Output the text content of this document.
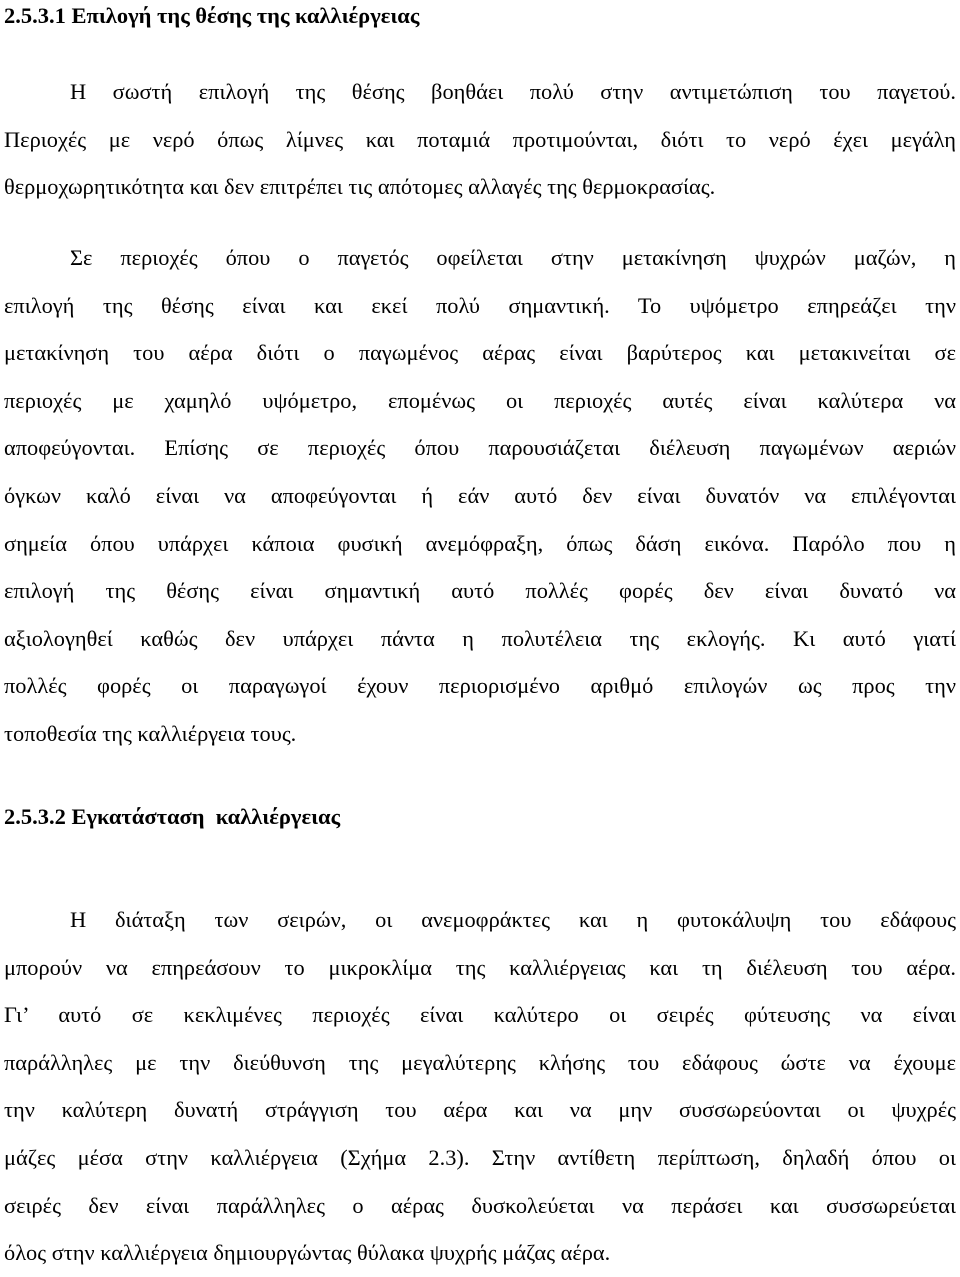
2.5.3.1 Επιλογή της θέσης της καλλιέργειας
Η σωστή επιλογή της θέσης βοηθάει πολύ στην αντιμετώπιση του παγετού.
Περιοχές με νερό όπως λίμνες και ποταμιά προτιμούνται, διότι το νερό έχει μεγάλη
θερμοχωρητικότητα και δεν επιτρέπει τις απότομες αλλαγές της θερμοκρασίας.
Σε περιοχές όπου ο παγετός οφείλεται στην μετακίνηση ψυχρών μαζών, η
επιλογή της θέσης είναι και εκεί πολύ σημαντική. Το υψόμετρο επηρεάζει την
μετακίνηση του αέρα διότι ο παγωμένος αέρας είναι βαρύτερος και μετακινείται σε
περιοχές με χαμηλό υψόμετρο, επομένως οι περιοχές αυτές είναι καλύτερα να
αποφεύγονται. Επίσης σε περιοχές όπου παρουσιάζεται διέλευση παγωμένων αεριών
όγκων καλό είναι να αποφεύγονται ή εάν αυτό δεν είναι δυνατόν να επιλέγονται
σημεία όπου υπάρχει κάποια φυσική ανεμόφραξη, όπως δάση εικόνα. Παρόλο που η
επιλογή της θέσης είναι σημαντική αυτό πολλές φορές δεν είναι δυνατό να
αξιολογηθεί καθώς δεν υπάρχει πάντα η πολυτέλεια της εκλογής. Κι αυτό γιατί
πολλές φορές οι παραγωγοί έχουν περιορισμένο αριθμό επιλογών ως προς την
τοποθεσία της καλλιέργεια τους.
2.5.3.2 Εγκατάσταση  καλλιέργειας
Η διάταξη των σειρών, οι ανεμοφράκτες και η φυτοκάλυψη του εδάφους
μπορούν να επηρεάσουν το μικροκλίμα της καλλιέργειας και τη διέλευση του αέρα.
Γι’ αυτό σε κεκλιμένες περιοχές είναι καλύτερο οι σειρές φύτευσης να είναι
παράλληλες με την διεύθυνση της μεγαλύτερης κλήσης του εδάφους ώστε να έχουμε
την καλύτερη δυνατή στράγγιση του αέρα και να μην συσσωρεύονται οι ψυχρές
μάζες μέσα στην καλλιέργεια (Σχήμα 2.3). Στην αντίθετη περίπτωση, δηλαδή όπου οι
σειρές δεν είναι παράλληλες ο αέρας δυσκολεύεται να περάσει και συσσωρεύεται
όλος στην καλλιέργεια δημιουργώντας θύλακα ψυχρής μάζας αέρα.
